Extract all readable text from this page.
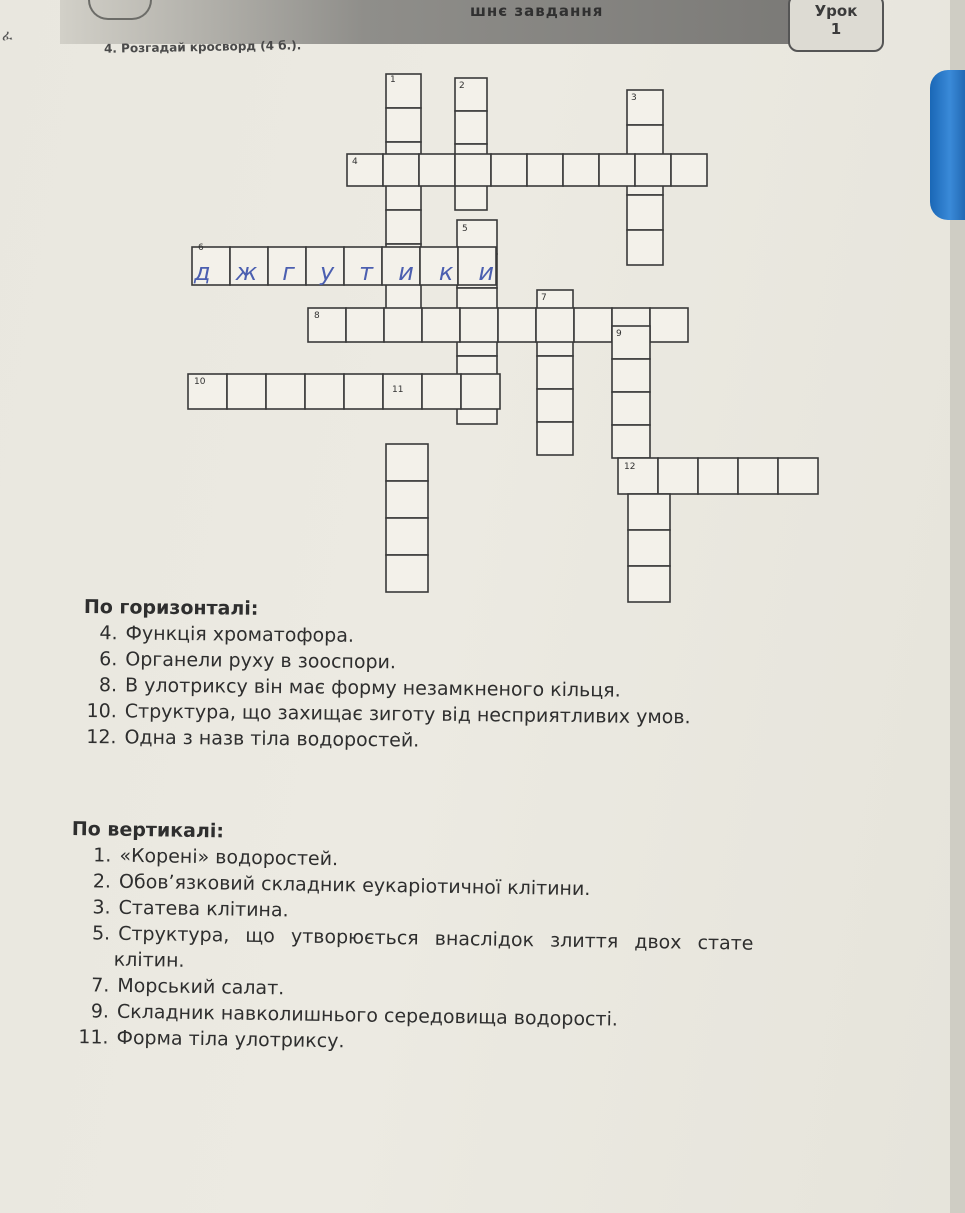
ፈ
шнє завдання	Урок
1
4. Розгадай кросворд (4 б.).
1
2
3
4
5
6
7
8
9
10
11
12
джгутики
По горизонталі:
4. Функція хроматофора.
6. Органели руху в зооспори.
8. В улотриксу він має форму незамкненого кільця.
10. Структура, що захищає зиготу від несприятливих умов.
12. Одна з назв тіла водоростей.
По вертикалі:
1. «Корені» водоростей.
2. Обов’язковий складник еукаріотичної клітини.
3. Статева клітина.
5. Структура, що утворюється внаслідок злиття двох стате
клітин.
7. Морський салат.
9. Складник навколишнього середовища водорості.
11. Форма тіла улотриксу.
